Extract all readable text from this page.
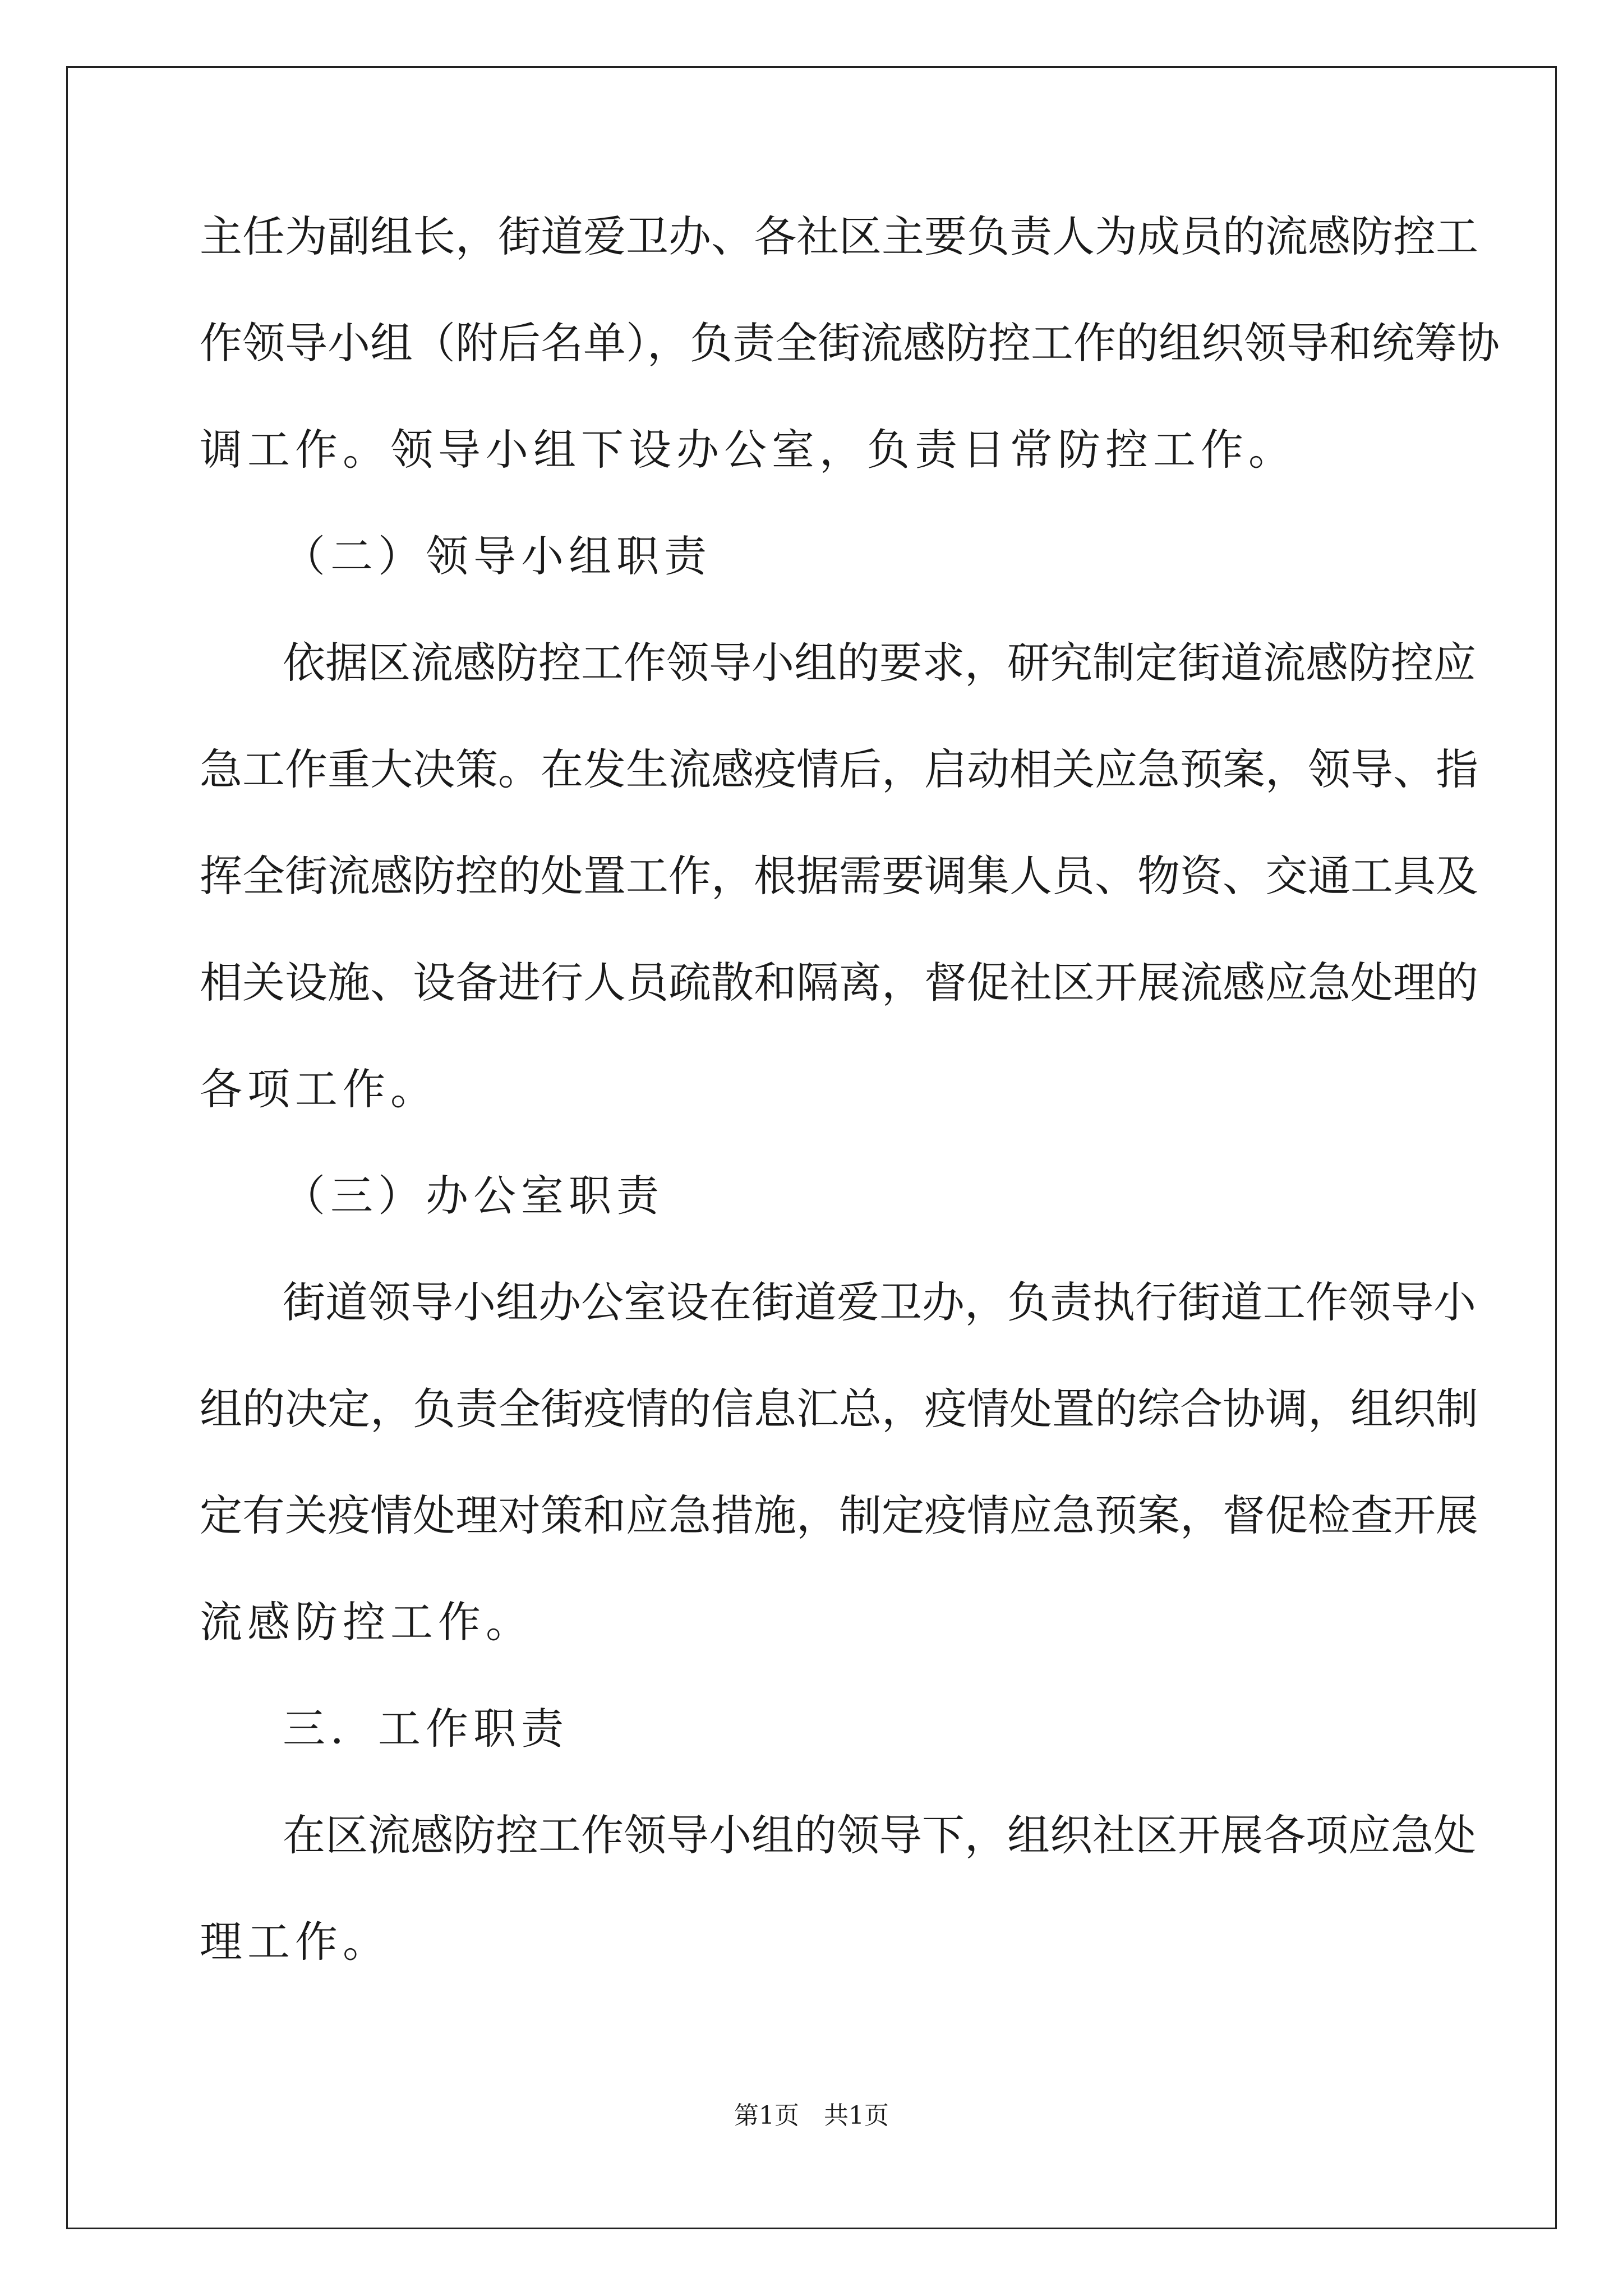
主任为副组长，街道爱卫办、各社区主要负责人为成员的流感防控工
作领导小组（附后名单），负责全街流感防控工作的组织领导和统筹协
调工作。领导小组下设办公室，负责日常防控工作。
（二）领导小组职责
依据区流感防控工作领导小组的要求，研究制定街道流感防控应
急工作重大决策。在发生流感疫情后，启动相关应急预案，领导、指
挥全街流感防控的处置工作，根据需要调集人员、物资、交通工具及
相关设施、设备进行人员疏散和隔离，督促社区开展流感应急处理的
各项工作。
（三）办公室职责
街道领导小组办公室设在街道爱卫办，负责执行街道工作领导小
组的决定，负责全街疫情的信息汇总，疫情处置的综合协调，组织制
定有关疫情处理对策和应急措施，制定疫情应急预案，督促检查开展
流感防控工作。
三．工作职责
在区流感防控工作领导小组的领导下，组织社区开展各项应急处
理工作。
第1页 共1页
